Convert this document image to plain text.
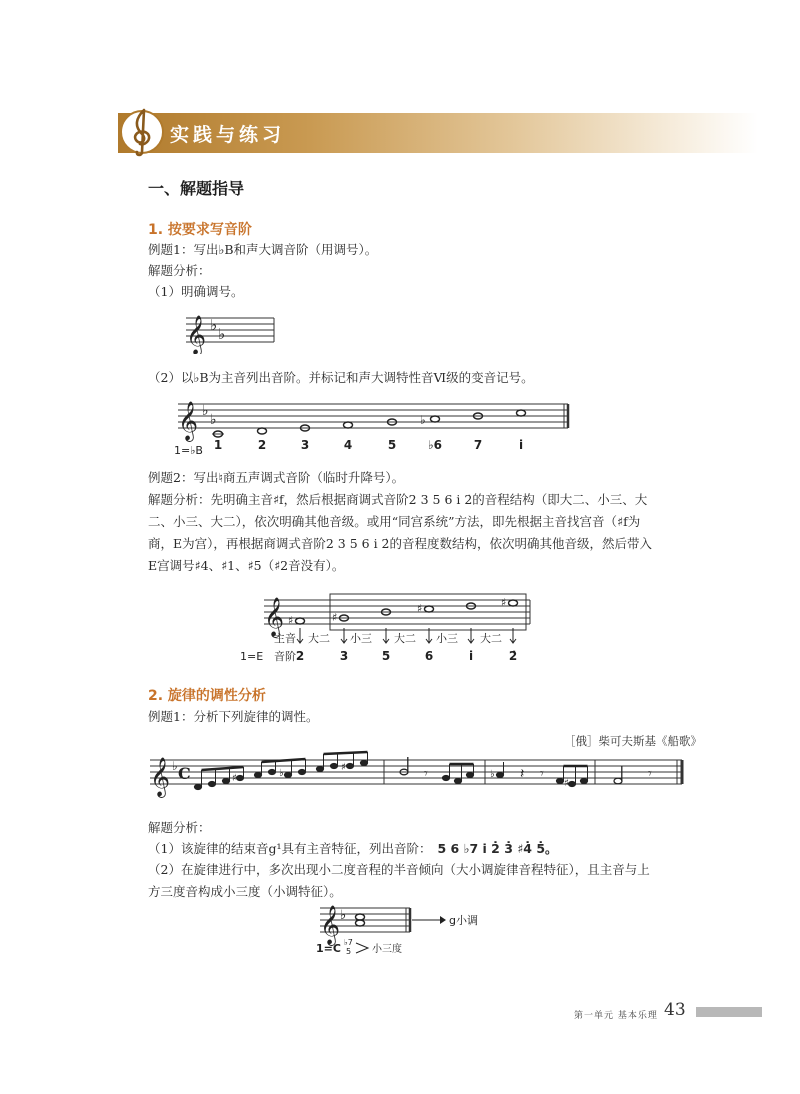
实践与练习
一、解题指导
1. 按要求写音阶
例题1：写出♭B和声大调音阶（用调号）。
解题分析：
（1）明确调号。
𝄞 ♭ ♭
（2）以♭B为主音列出音阶。并标记和声大调特性音Ⅵ级的变音记号。
𝄞 ♭
♭	♭
1=♭B 1	2	3	4	5	♭6	7	i
例题2：写出♮商五声调式音阶（临时升降号）。
解题分析：先明确主音♯f，然后根据商调式音阶2 3 5 6 i 2̇的音程结构（即大二、小三、大二、小三、大二），依次明确其他音级。或用“同宫系统”方法，即先根据主音找宫音（♯f为商，E为宫），再根据商调式音阶2 3 5 6 i 2̇的音程度数结构，依次明确其他音级，然后带入E宫调号♯4、♯1、♯5（♯2音没有）。
𝄞 ♯	♯
♯	♯
主音 大二 小三 大二 小三 大二
1=E 音阶 2	3	5	6	i	2̇
2. 旋律的调性分析
例题1：分析下列旋律的调性。
［俄］柴可夫斯基《船歌》
𝄞 ♭ C	♯	♭
♯
♭
♯
𝄾	𝄽 𝄾	𝄾
解题分析：
（1）该旋律的结束音g¹具有主音特征，列出音阶： 5 6 ♭7 i 2̇ 3̇ ♯4̇ 5̇。
（2）在旋律进行中，多次出现小二度音程的半音倾向（大小调旋律音程特征），且主音与上方三度音构成小三度（小调特征）。
𝄞 ♭	g小调
1=C ♭7
5 小三度
第一单元 基本乐理 43
